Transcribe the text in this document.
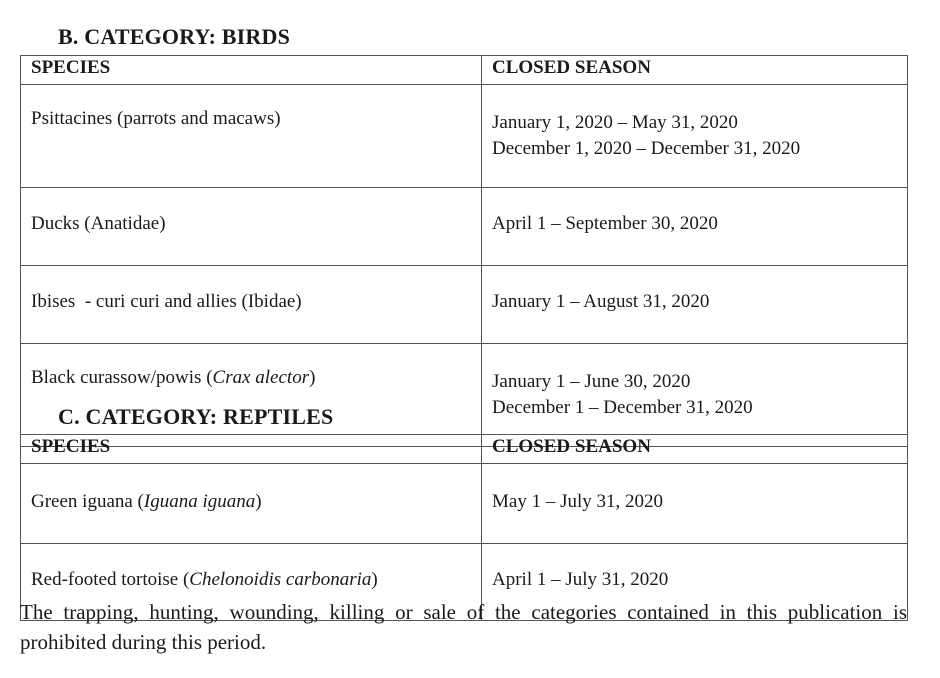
B. CATEGORY: BIRDS
SPECIES	CLOSED SEASON
Psittacines (parrots and macaws)	January 1, 2020 – May 31, 2020
December 1, 2020 – December 31, 2020

Ducks (Anatidae)	April 1 – September 30, 2020

Ibises  - curi curi and allies (Ibidae)	January 1 – August 31, 2020

Black curassow/powis (Crax alector)	January 1 – June 30, 2020
December 1 – December 31, 2020
C. CATEGORY: REPTILES
SPECIES	CLOSED SEASON
Green iguana (Iguana iguana)	May 1 – July 31, 2020

Red-footed tortoise (Chelonoidis carbonaria)	April 1 – July 31, 2020
The trapping, hunting, wounding, killing or sale of the categories contained in this publication is prohibited during this period.
